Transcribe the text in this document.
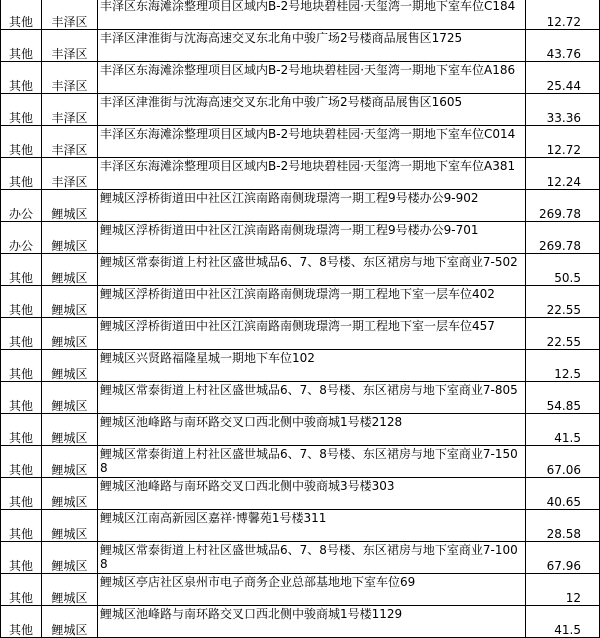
其他	丰泽区	丰泽区东海滩涂整理项目区域内B-2号地块碧桂园·天玺湾一期地下室车位C184	12.72
其他	丰泽区	丰泽区津淮街与沈海高速交叉东北角中骏广场2号楼商品展售区1725	43.76
其他	丰泽区	丰泽区东海滩涂整理项目区域内B-2号地块碧桂园·天玺湾一期地下室车位A186	25.44
其他	丰泽区	丰泽区津淮街与沈海高速交叉东北角中骏广场2号楼商品展售区1605	33.36
其他	丰泽区	丰泽区东海滩涂整理项目区域内B-2号地块碧桂园·天玺湾一期地下室车位C014	12.72
其他	丰泽区	丰泽区东海滩涂整理项目区域内B-2号地块碧桂园·天玺湾一期地下室车位A381	12.24
办公	鲤城区	鲤城区浮桥街道田中社区江滨南路南侧珑璟湾一期工程9号楼办公9-902	269.78
办公	鲤城区	鲤城区浮桥街道田中社区江滨南路南侧珑璟湾一期工程9号楼办公9-701	269.78
其他	鲤城区	鲤城区常泰街道上村社区盛世城品6、7、8号楼、东区裙房与地下室商业7-502	50.5
其他	鲤城区	鲤城区浮桥街道田中社区江滨南路南侧珑璟湾一期工程地下室一层车位402	22.55
其他	鲤城区	鲤城区浮桥街道田中社区江滨南路南侧珑璟湾一期工程地下室一层车位457	22.55
其他	鲤城区	鲤城区兴贤路福隆星城一期地下车位102	12.5
其他	鲤城区	鲤城区常泰街道上村社区盛世城品6、7、8号楼、东区裙房与地下室商业7-805	54.85
其他	鲤城区	鲤城区池峰路与南环路交叉口西北侧中骏商城1号楼2128	41.5
其他	鲤城区	鲤城区常泰街道上村社区盛世城品6、7、8号楼、东区裙房与地下室商业7-1508	67.06
其他	鲤城区	鲤城区池峰路与南环路交叉口西北侧中骏商城3号楼303	40.65
其他	鲤城区	鲤城区江南高新园区嘉祥·博馨苑1号楼311	28.58
其他	鲤城区	鲤城区常泰街道上村社区盛世城品6、7、8号楼、东区裙房与地下室商业7-1008	67.96
其他	鲤城区	鲤城区亭店社区泉州市电子商务企业总部基地地下室车位69	12
其他	鲤城区	鲤城区池峰路与南环路交叉口西北侧中骏商城1号楼1129	41.5
